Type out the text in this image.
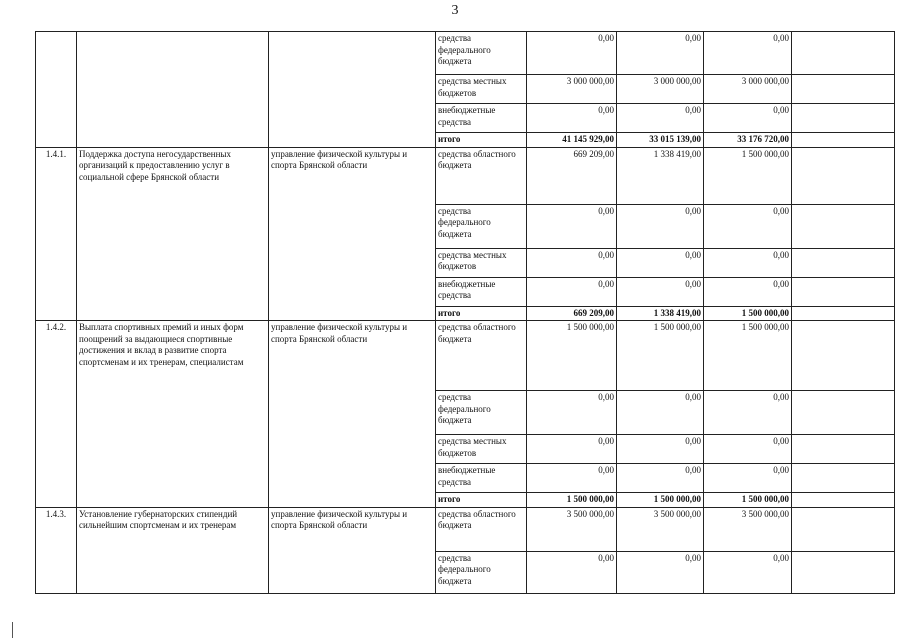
3
			средства федерального бюджета	0,00	0,00	0,00	
			средства местных бюджетов	3 000 000,00	3 000 000,00	3 000 000,00	
			внебюджетные средства	0,00	0,00	0,00	
			итого	41 145 929,00	33 015 139,00	33 176 720,00	
1.4.1.	Поддержка доступа негосударственных организаций к предоставлению услуг в социальной сфере Брянской области	управление физической культуры и спорта Брянской области	средства областного бюджета	669 209,00	1 338 419,00	1 500 000,00	
			средства федерального бюджета	0,00	0,00	0,00	
			средства местных бюджетов	0,00	0,00	0,00	
			внебюджетные средства	0,00	0,00	0,00	
			итого	669 209,00	1 338 419,00	1 500 000,00	
1.4.2.	Выплата спортивных премий и иных форм поощрений за выдающиеся спортивные достижения и вклад в развитие спорта спортсменам и их тренерам, специалистам	управление физической культуры и спорта Брянской области	средства областного бюджета	1 500 000,00	1 500 000,00	1 500 000,00	
			средства федерального бюджета	0,00	0,00	0,00	
			средства местных бюджетов	0,00	0,00	0,00	
			внебюджетные средства	0,00	0,00	0,00	
			итого	1 500 000,00	1 500 000,00	1 500 000,00	
1.4.3.	Установление губернаторских стипендий сильнейшим спортсменам и их тренерам	управление физической культуры и спорта Брянской области	средства областного бюджета	3 500 000,00	3 500 000,00	3 500 000,00	
			средства федерального бюджета	0,00	0,00	0,00	
